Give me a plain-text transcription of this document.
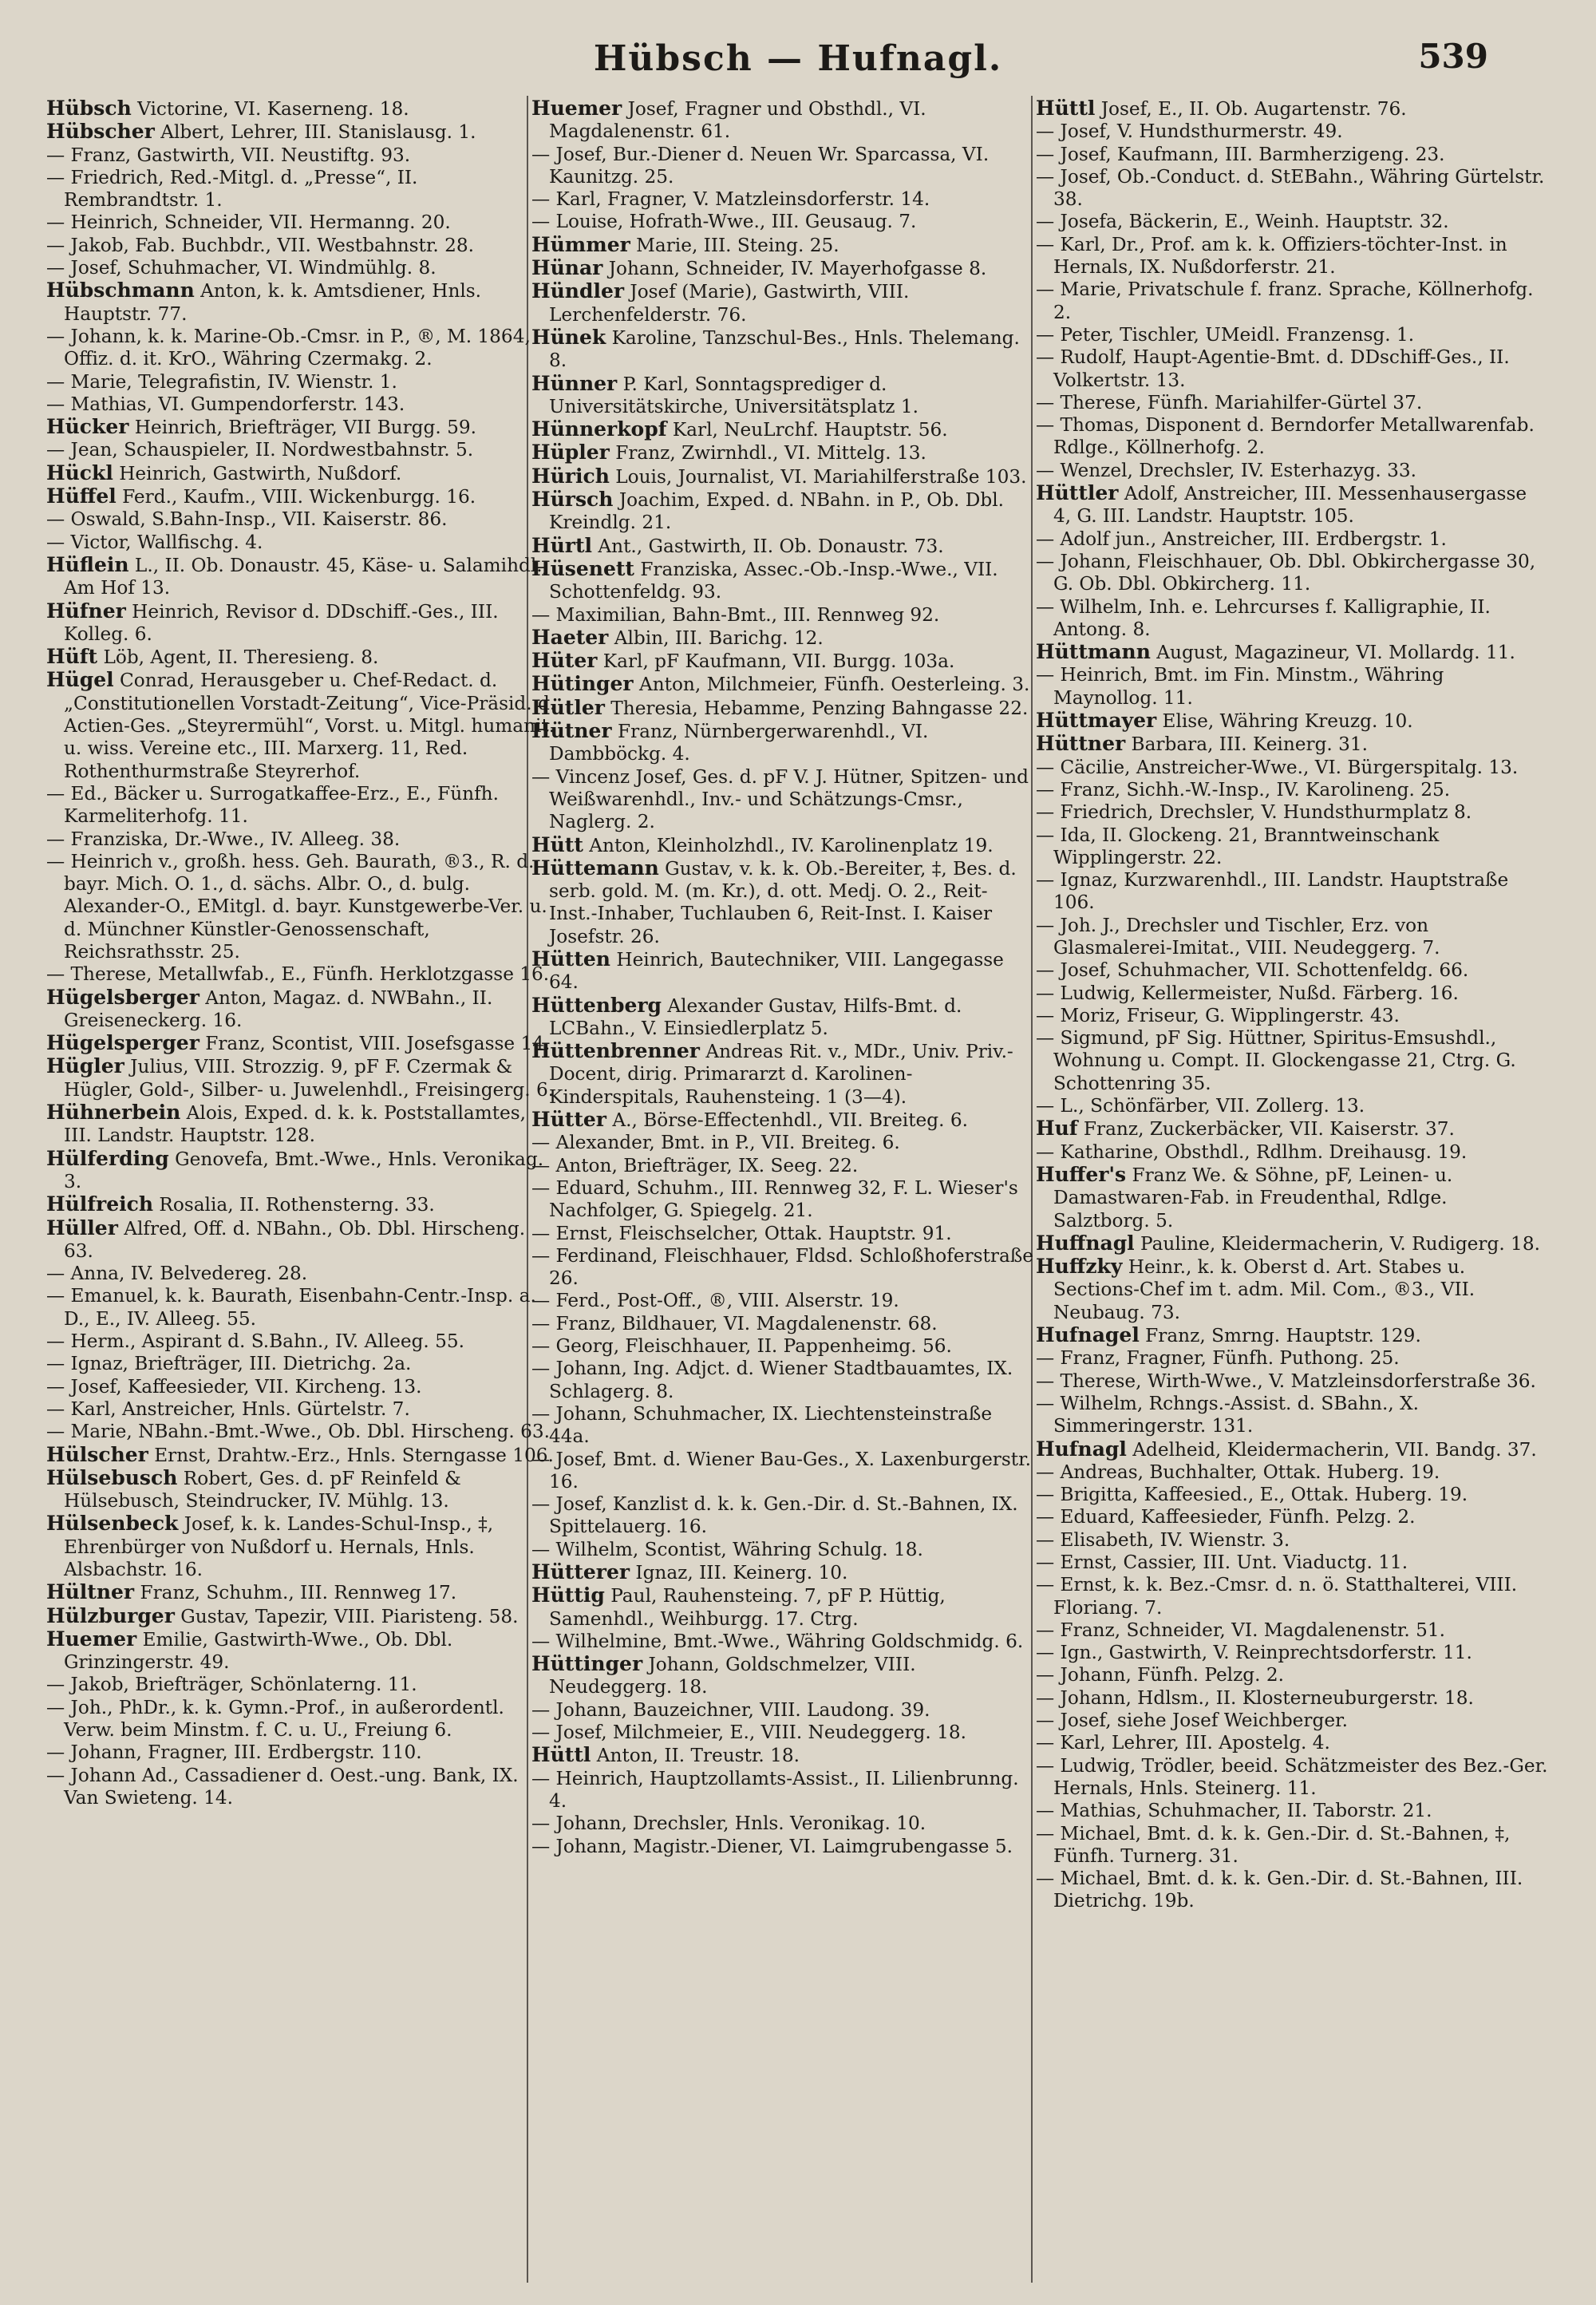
Hübsch — Hufnagl.	539
Hübsch Victorine, VI. Kaserneng. 18.
Hübscher Albert, Lehrer, III. Stanislausg. 1.
— Franz, Gastwirth, VII. Neustiftg. 93.
— Friedrich, Red.-Mitgl. d. „Presse“, II. Rembrandtstr. 1.
— Heinrich, Schneider, VII. Hermanng. 20.
— Jakob, Fab. Buchbdr., VII. Westbahnstr. 28.
— Josef, Schuhmacher, VI. Windmühlg. 8.
Hübschmann Anton, k. k. Amtsdiener, Hnls. Hauptstr. 77.
— Johann, k. k. Marine-Ob.-Cmsr. in P., ®, M. 1864, Offiz. d. it. KrO., Währing Czermakg. 2.
— Marie, Telegrafistin, IV. Wienstr. 1.
— Mathias, VI. Gumpendorferstr. 143.
Hücker Heinrich, Briefträger, VII Burgg. 59.
— Jean, Schauspieler, II. Nordwestbahnstr. 5.
Hückl Heinrich, Gastwirth, Nußdorf.
Hüffel Ferd., Kaufm., VIII. Wickenburgg. 16.
— Oswald, S.Bahn-Insp., VII. Kaiserstr. 86.
— Victor, Wallfischg. 4.
Hüflein L., II. Ob. Donaustr. 45, Käse- u. Salamihdl., Am Hof 13.
Hüfner Heinrich, Revisor d. DDschiff.-Ges., III. Kolleg. 6.
Hüft Löb, Agent, II. Theresieng. 8.
Hügel Conrad, Herausgeber u. Chef-Redact. d. „Constitutionellen Vorstadt-Zeitung“, Vice-Präsid. d. Actien-Ges. „Steyrermühl“, Vorst. u. Mitgl. humanit. u. wiss. Vereine etc., III. Marxerg. 11, Red. Rothenthurmstraße Steyrerhof.
— Ed., Bäcker u. Surrogatkaffee-Erz., E., Fünfh. Karmeliterhofg. 11.
— Franziska, Dr.-Wwe., IV. Alleeg. 38.
— Heinrich v., großh. hess. Geh. Baurath, ®3., R. d. bayr. Mich. O. 1., d. sächs. Albr. O., d. bulg. Alexander-O., EMitgl. d. bayr. Kunstgewerbe-Ver. u. d. Münchner Künstler-Genossenschaft, Reichsrathsstr. 25.
— Therese, Metallwfab., E., Fünfh. Herklotzgasse 16.
Hügelsberger Anton, Magaz. d. NWBahn., II. Greiseneckerg. 16.
Hügelsperger Franz, Scontist, VIII. Josefsgasse 14.
Hügler Julius, VIII. Strozzig. 9, pF F. Czermak & Hügler, Gold-, Silber- u. Juwelenhdl., Freisingerg. 6.
Hühnerbein Alois, Exped. d. k. k. Poststallamtes, III. Landstr. Hauptstr. 128.
Hülferding Genovefa, Bmt.-Wwe., Hnls. Veronikag. 3.
Hülfreich Rosalia, II. Rothensterng. 33.
Hüller Alfred, Off. d. NBahn., Ob. Dbl. Hirscheng. 63.
— Anna, IV. Belvedereg. 28.
— Emanuel, k. k. Baurath, Eisenbahn-Centr.-Insp. a. D., E., IV. Alleeg. 55.
— Herm., Aspirant d. S.Bahn., IV. Alleeg. 55.
— Ignaz, Briefträger, III. Dietrichg. 2a.
— Josef, Kaffeesieder, VII. Kircheng. 13.
— Karl, Anstreicher, Hnls. Gürtelstr. 7.
— Marie, NBahn.-Bmt.-Wwe., Ob. Dbl. Hirscheng. 63.
Hülscher Ernst, Drahtw.-Erz., Hnls. Sterngasse 106.
Hülsebusch Robert, Ges. d. pF Reinfeld & Hülsebusch, Steindrucker, IV. Mühlg. 13.
Hülsenbeck Josef, k. k. Landes-Schul-Insp., ‡, Ehrenbürger von Nußdorf u. Hernals, Hnls. Alsbachstr. 16.
Hültner Franz, Schuhm., III. Rennweg 17.
Hülzburger Gustav, Tapezir, VIII. Piaristeng. 58.
Huemer Emilie, Gastwirth-Wwe., Ob. Dbl. Grinzingerstr. 49.
— Jakob, Briefträger, Schönlaterng. 11.
— Joh., PhDr., k. k. Gymn.-Prof., in außerordentl. Verw. beim Minstm. f. C. u. U., Freiung 6.
— Johann, Fragner, III. Erdbergstr. 110.
— Johann Ad., Cassadiener d. Oest.-ung. Bank, IX. Van Swieteng. 14.
Huemer Josef, Fragner und Obsthdl., VI. Magdalenenstr. 61.
— Josef, Bur.-Diener d. Neuen Wr. Sparcassa, VI. Kaunitzg. 25.
— Karl, Fragner, V. Matzleinsdorferstr. 14.
— Louise, Hofrath-Wwe., III. Geusaug. 7.
Hümmer Marie, III. Steing. 25.
Hünar Johann, Schneider, IV. Mayerhofgasse 8.
Hündler Josef (Marie), Gastwirth, VIII. Lerchenfelderstr. 76.
Hünek Karoline, Tanzschul-Bes., Hnls. Thelemang. 8.
Hünner P. Karl, Sonntagsprediger d. Universitätskirche, Universitätsplatz 1.
Hünnerkopf Karl, NeuLrchf. Hauptstr. 56.
Hüpler Franz, Zwirnhdl., VI. Mittelg. 13.
Hürich Louis, Journalist, VI. Mariahilferstraße 103.
Hürsch Joachim, Exped. d. NBahn. in P., Ob. Dbl. Kreindlg. 21.
Hürtl Ant., Gastwirth, II. Ob. Donaustr. 73.
Hüsenett Franziska, Assec.-Ob.-Insp.-Wwe., VII. Schottenfeldg. 93.
— Maximilian, Bahn-Bmt., III. Rennweg 92.
Haeter Albin, III. Barichg. 12.
Hüter Karl, pF Kaufmann, VII. Burgg. 103a.
Hütinger Anton, Milchmeier, Fünfh. Oesterleing. 3.
Hütler Theresia, Hebamme, Penzing Bahngasse 22.
Hütner Franz, Nürnbergerwarenhdl., VI. Dambböckg. 4.
— Vincenz Josef, Ges. d. pF V. J. Hütner, Spitzen- und Weißwarenhdl., Inv.- und Schätzungs-Cmsr., Naglerg. 2.
Hütt Anton, Kleinholzhdl., IV. Karolinenplatz 19.
Hüttemann Gustav, v. k. k. Ob.-Bereiter, ‡, Bes. d. serb. gold. M. (m. Kr.), d. ott. Medj. O. 2., Reit-Inst.-Inhaber, Tuchlauben 6, Reit-Inst. I. Kaiser Josefstr. 26.
Hütten Heinrich, Bautechniker, VIII. Langegasse 64.
Hüttenberg Alexander Gustav, Hilfs-Bmt. d. LCBahn., V. Einsiedlerplatz 5.
Hüttenbrenner Andreas Rit. v., MDr., Univ. Priv.-Docent, dirig. Primararzt d. Karolinen-Kinderspitals, Rauhensteing. 1 (3—4).
Hütter A., Börse-Effectenhdl., VII. Breiteg. 6.
— Alexander, Bmt. in P., VII. Breiteg. 6.
— Anton, Briefträger, IX. Seeg. 22.
— Eduard, Schuhm., III. Rennweg 32, F. L. Wieser's Nachfolger, G. Spiegelg. 21.
— Ernst, Fleischselcher, Ottak. Hauptstr. 91.
— Ferdinand, Fleischhauer, Fldsd. Schloßhoferstraße 26.
— Ferd., Post-Off., ®, VIII. Alserstr. 19.
— Franz, Bildhauer, VI. Magdalenenstr. 68.
— Georg, Fleischhauer, II. Pappenheimg. 56.
— Johann, Ing. Adjct. d. Wiener Stadtbauamtes, IX. Schlagerg. 8.
— Johann, Schuhmacher, IX. Liechtensteinstraße 44a.
— Josef, Bmt. d. Wiener Bau-Ges., X. Laxenburgerstr. 16.
— Josef, Kanzlist d. k. k. Gen.-Dir. d. St.-Bahnen, IX. Spittelauerg. 16.
— Wilhelm, Scontist, Währing Schulg. 18.
Hütterer Ignaz, III. Keinerg. 10.
Hüttig Paul, Rauhensteing. 7, pF P. Hüttig, Samenhdl., Weihburgg. 17. Ctrg.
— Wilhelmine, Bmt.-Wwe., Währing Goldschmidg. 6.
Hüttinger Johann, Goldschmelzer, VIII. Neudeggerg. 18.
— Johann, Bauzeichner, VIII. Laudong. 39.
— Josef, Milchmeier, E., VIII. Neudeggerg. 18.
Hüttl Anton, II. Treustr. 18.
— Heinrich, Hauptzollamts-Assist., II. Lilienbrunng. 4.
— Johann, Drechsler, Hnls. Veronikag. 10.
— Johann, Magistr.-Diener, VI. Laimgrubengasse 5.
Hüttl Josef, E., II. Ob. Augartenstr. 76.
— Josef, V. Hundsthurmerstr. 49.
— Josef, Kaufmann, III. Barmherzigeng. 23.
— Josef, Ob.-Conduct. d. StEBahn., Währing Gürtelstr. 38.
— Josefa, Bäckerin, E., Weinh. Hauptstr. 32.
— Karl, Dr., Prof. am k. k. Offiziers-töchter-Inst. in Hernals, IX. Nußdorferstr. 21.
— Marie, Privatschule f. franz. Sprache, Köllnerhofg. 2.
— Peter, Tischler, UMeidl. Franzensg. 1.
— Rudolf, Haupt-Agentie-Bmt. d. DDschiff-Ges., II. Volkertstr. 13.
— Therese, Fünfh. Mariahilfer-Gürtel 37.
— Thomas, Disponent d. Berndorfer Metallwarenfab. Rdlge., Köllnerhofg. 2.
— Wenzel, Drechsler, IV. Esterhazyg. 33.
Hüttler Adolf, Anstreicher, III. Messenhausergasse 4, G. III. Landstr. Hauptstr. 105.
— Adolf jun., Anstreicher, III. Erdbergstr. 1.
— Johann, Fleischhauer, Ob. Dbl. Obkirchergasse 30, G. Ob. Dbl. Obkircherg. 11.
— Wilhelm, Inh. e. Lehrcurses f. Kalligraphie, II. Antong. 8.
Hüttmann August, Magazineur, VI. Mollardg. 11.
— Heinrich, Bmt. im Fin. Minstm., Währing Maynollog. 11.
Hüttmayer Elise, Währing Kreuzg. 10.
Hüttner Barbara, III. Keinerg. 31.
— Cäcilie, Anstreicher-Wwe., VI. Bürgerspitalg. 13.
— Franz, Sichh.-W.-Insp., IV. Karolineng. 25.
— Friedrich, Drechsler, V. Hundsthurmplatz 8.
— Ida, II. Glockeng. 21, Branntweinschank Wipplingerstr. 22.
— Ignaz, Kurzwarenhdl., III. Landstr. Hauptstraße 106.
— Joh. J., Drechsler und Tischler, Erz. von Glasmalerei-Imitat., VIII. Neudeggerg. 7.
— Josef, Schuhmacher, VII. Schottenfeldg. 66.
— Ludwig, Kellermeister, Nußd. Färberg. 16.
— Moriz, Friseur, G. Wipplingerstr. 43.
— Sigmund, pF Sig. Hüttner, Spiritus-Emsushdl., Wohnung u. Compt. II. Glockengasse 21, Ctrg. G. Schottenring 35.
— L., Schönfärber, VII. Zollerg. 13.
Huf Franz, Zuckerbäcker, VII. Kaiserstr. 37.
— Katharine, Obsthdl., Rdlhm. Dreihausg. 19.
Huffer's Franz We. & Söhne, pF, Leinen- u. Damastwaren-Fab. in Freudenthal, Rdlge. Salztborg. 5.
Huffnagl Pauline, Kleidermacherin, V. Rudigerg. 18.
Huffzky Heinr., k. k. Oberst d. Art. Stabes u. Sections-Chef im t. adm. Mil. Com., ®3., VII. Neubaug. 73.
Hufnagel Franz, Smrng. Hauptstr. 129.
— Franz, Fragner, Fünfh. Puthong. 25.
— Therese, Wirth-Wwe., V. Matzleinsdorferstraße 36.
— Wilhelm, Rchngs.-Assist. d. SBahn., X. Simmeringerstr. 131.
Hufnagl Adelheid, Kleidermacherin, VII. Bandg. 37.
— Andreas, Buchhalter, Ottak. Huberg. 19.
— Brigitta, Kaffeesied., E., Ottak. Huberg. 19.
— Eduard, Kaffeesieder, Fünfh. Pelzg. 2.
— Elisabeth, IV. Wienstr. 3.
— Ernst, Cassier, III. Unt. Viaductg. 11.
— Ernst, k. k. Bez.-Cmsr. d. n. ö. Statthalterei, VIII. Floriang. 7.
— Franz, Schneider, VI. Magdalenenstr. 51.
— Ign., Gastwirth, V. Reinprechtsdorferstr. 11.
— Johann, Fünfh. Pelzg. 2.
— Johann, Hdlsm., II. Klosterneuburgerstr. 18.
— Josef, siehe Josef Weichberger.
— Karl, Lehrer, III. Apostelg. 4.
— Ludwig, Trödler, beeid. Schätzmeister des Bez.-Ger. Hernals, Hnls. Steinerg. 11.
— Mathias, Schuhmacher, II. Taborstr. 21.
— Michael, Bmt. d. k. k. Gen.-Dir. d. St.-Bahnen, ‡, Fünfh. Turnerg. 31.
— Michael, Bmt. d. k. k. Gen.-Dir. d. St.-Bahnen, III. Dietrichg. 19b.
